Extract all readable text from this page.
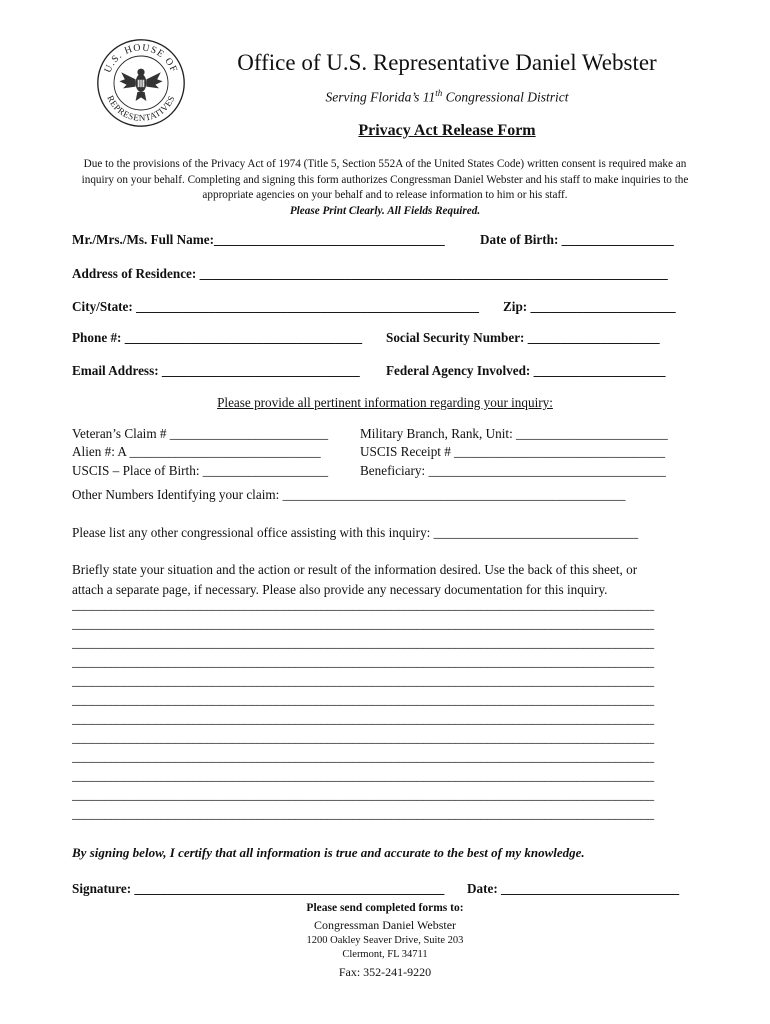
U.S. HOUSE OF
REPRESENTATIVES
Office of U.S. Representative Daniel Webster
Serving Florida’s 11th Congressional District
Privacy Act Release Form
Due to the provisions of the Privacy Act of 1974 (Title 5, Section 552A of the United States Code) written consent is required make an inquiry on your behalf. Completing and signing this form authorizes Congressman Daniel Webster and his staff to make inquiries to the appropriate agencies on your behalf and to release information to him or his staff.
Please Print Clearly. All Fields Required.
Mr./Mrs./Ms. Full Name:___________________________________	Date of Birth: _________________
Address of Residence: _______________________________________________________________________
City/State: ____________________________________________________ Zip: ______________________
Phone #: ____________________________________ Social Security Number: ____________________
Email Address: ______________________________ Federal Agency Involved: ____________________
Please provide all pertinent information regarding your inquiry:
Veteran’s Claim # ________________________ Military Branch, Rank, Unit: _______________________
Alien #: A _____________________________	USCIS Receipt # ________________________________
USCIS – Place of Birth: ___________________ Beneficiary: ____________________________________
Other Numbers Identifying your claim: ____________________________________________________
Please list any other congressional office assisting with this inquiry: _______________________________
Briefly state your situation and the action or result of the information desired. Use the back of this sheet, or
attach a separate page, if necessary. Please also provide any necessary documentation for this inquiry.
___________________________________________________________________________________________
___________________________________________________________________________________________
___________________________________________________________________________________________
___________________________________________________________________________________________
___________________________________________________________________________________________
___________________________________________________________________________________________
___________________________________________________________________________________________
___________________________________________________________________________________________
___________________________________________________________________________________________
___________________________________________________________________________________________
___________________________________________________________________________________________
___________________________________________________________________________________________
By signing below, I certify that all information is true and accurate to the best of my knowledge.
Signature: _______________________________________________ Date: ___________________________
Please send completed forms to:
Congressman Daniel Webster
1200 Oakley Seaver Drive, Suite 203
Clermont, FL 34711
Fax: 352-241-9220
